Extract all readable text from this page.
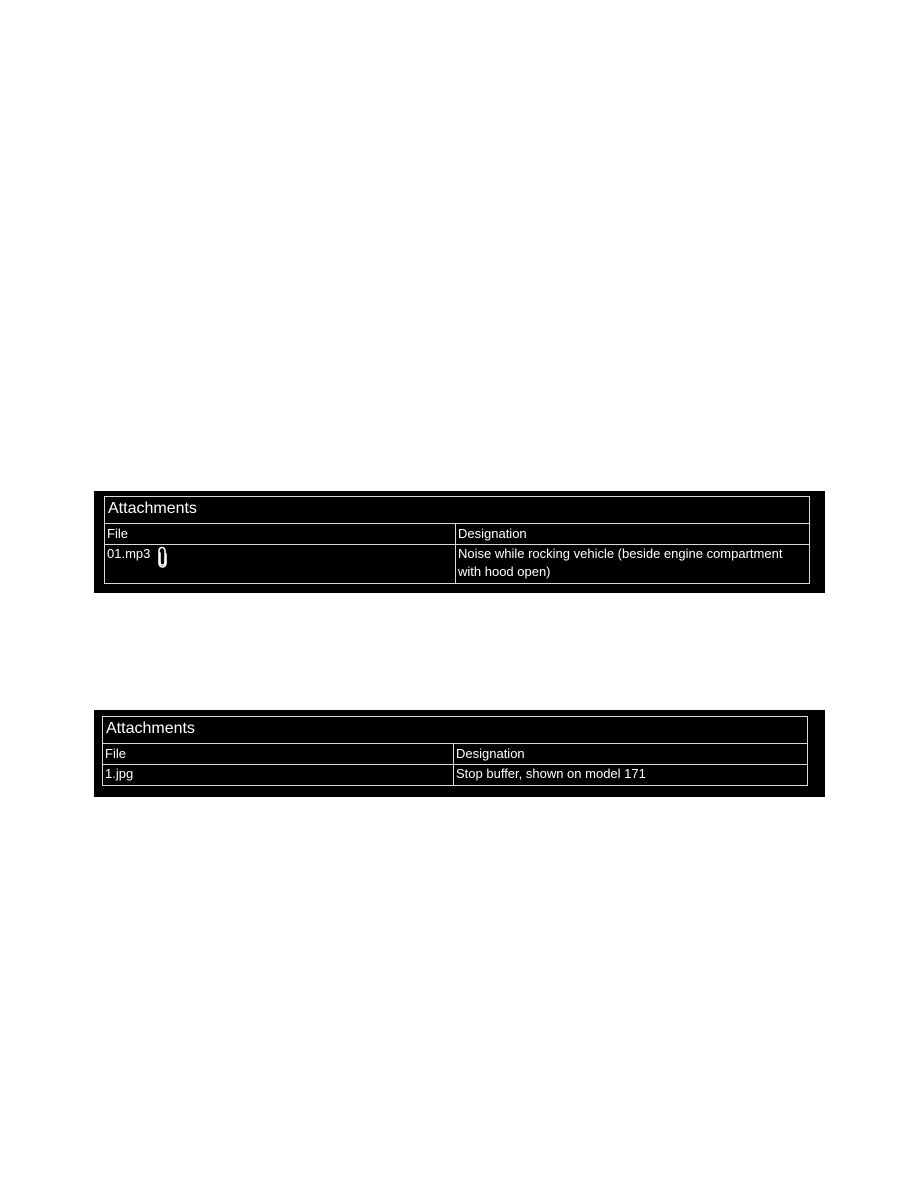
Attachments	
File	Designation
01.mp3	Noise while rocking vehicle (beside engine compartment with hood open)
Attachments	
File	Designation
1.jpg	Stop buffer, shown on model 171
